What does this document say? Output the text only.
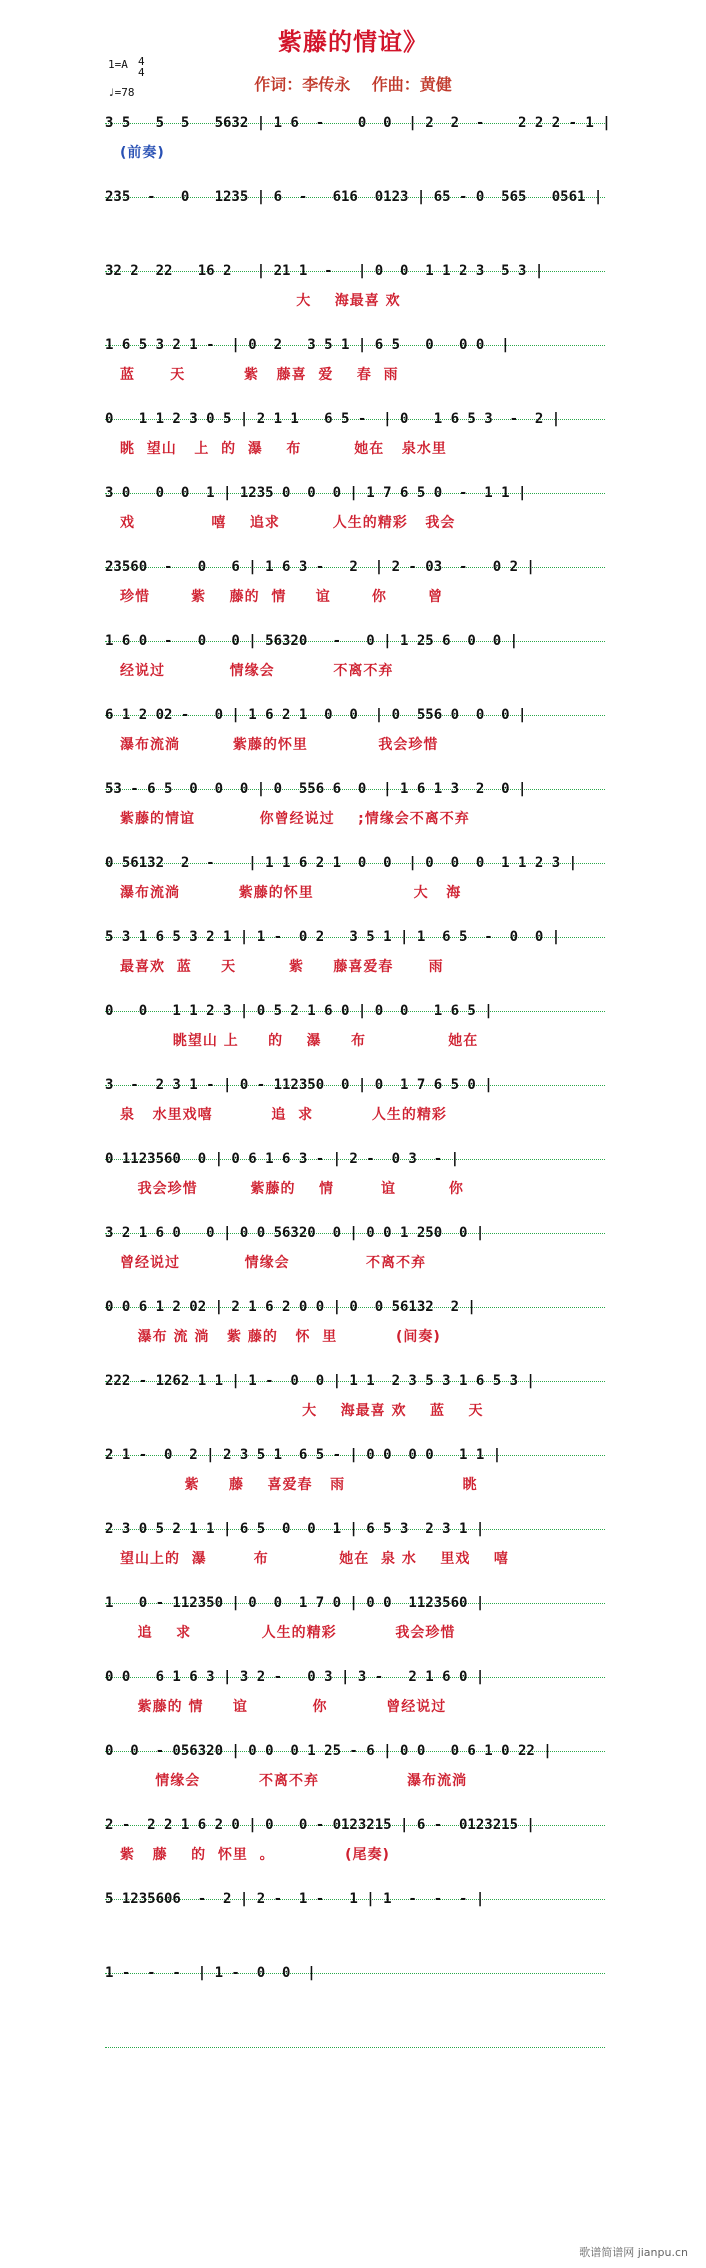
紫藤的情谊》
作词：李传永 作曲：黄健
1=A 4
4
♩=78
3 5   5  5   5632 | 1 6  -    0  0  | 2  2  -    2 2 2 - 1 |
(前奏)
235  -   0   1235 | 6  -   616  0123 | 65 - 0  565   0561 |
32 2  22   16 2   | 21 1  -   | 0  0  1 1 2 3  5 3 |
大    海最喜 欢
1 6 5 3 2 1 -  | 0  2   3 5 1 | 6 5   0   0 0  |
蓝      天          紫   藤喜  爱    春  雨
0   1 1 2 3 0 5 | 2 1 1   6 5 -  | 0   1 6 5 3  -  2 |
眺  望山   上  的  瀑    布         她在   泉水里
3 0   0  0  1 | 1235 0  0  0 | 1 7 6 5 0  -  1 1 |
戏             嘻    追求         人生的精彩   我会
23560  -   0   6 | 1 6 3 -   2  | 2 - 03  -   0 2 |
珍惜       紫    藤的  情     谊       你       曾
1 6 0  -   0   0 | 56320   -   0 | 1 25 6  0  0 |
经说过           情缘会          不离不弃
6 1 2 02 -   0 | 1 6 2 1  0  0  | 0  556 0  0  0 |
瀑布流淌         紫藤的怀里            我会珍惜
53 - 6 5  0  0  0 | 0  556 6  0  | 1 6 1 3  2  0 |
紫藤的情谊           你曾经说过    ;情缘会不离不弃
0 56132  2  -    | 1 1 6 2 1  0  0  | 0  0  0  1 1 2 3 |
瀑布流淌          紫藤的怀里                 大   海
5 3 1 6 5 3 2 1 | 1 -  0 2   3 5 1 | 1  6 5  -  0  0 |
最喜欢  蓝     天         紫     藤喜爱春      雨
0   0   1 1 2 3 | 0 5 2 1 6 0 | 0  0   1 6 5 |
眺望山 上     的    瀑     布              她在
3  -  2 3 1 - | 0 - 112350  0 | 0  1 7 6 5 0 |
泉   水里戏嘻          追  求          人生的精彩
0 1123560  0 | 0 6 1 6 3 - | 2 -  0 3  - |
我会珍惜         紫藤的    情        谊         你
3 2 1 6 0   0 | 0 0 56320  0 | 0 0 1 250  0 |
曾经说过           情缘会             不离不弃
0 0 6 1 2 02 | 2 1 6 2 0 0 | 0  0 56132  2 |
瀑布 流 淌   紫 藤的   怀  里          (间奏)
222 - 1262 1 1 | 1 -  0  0 | 1 1  2 3 5 3 1 6 5 3 |
大    海最喜 欢    蓝    天
2 1 -  0  2 | 2 3 5 1  6 5 - | 0 0  0 0   1 1 |
紫     藤    喜爱春   雨                    眺
2 3 0 5 2 1 1 | 6 5  0  0  1 | 6 5 3  2 3 1 |
望山上的  瀑        布            她在  泉 水    里戏    嘻
1   0 - 112350 | 0  0  1 7 0 | 0 0  1123560 |
追    求            人生的精彩          我会珍惜
0 0   6 1 6 3 | 3 2 -   0 3 | 3 -   2 1 6 0 |
紫藤的 情     谊           你          曾经说过
0  0  - 056320 | 0 0  0 1 25 - 6 | 0 0   0 6 1 0 22 |
情缘会          不离不弃               瀑布流淌
2 -  2 2 1 6 2 0 | 0   0 - 0123215 | 6 -  0123215 |
紫   藤    的  怀里  。            (尾奏)
5 1235606  -  2 | 2 -  1 -   1 | 1  -  -  - |
1 -  -  -  | 1 -  0  0  |
歌谱简谱网 jianpu.cn
